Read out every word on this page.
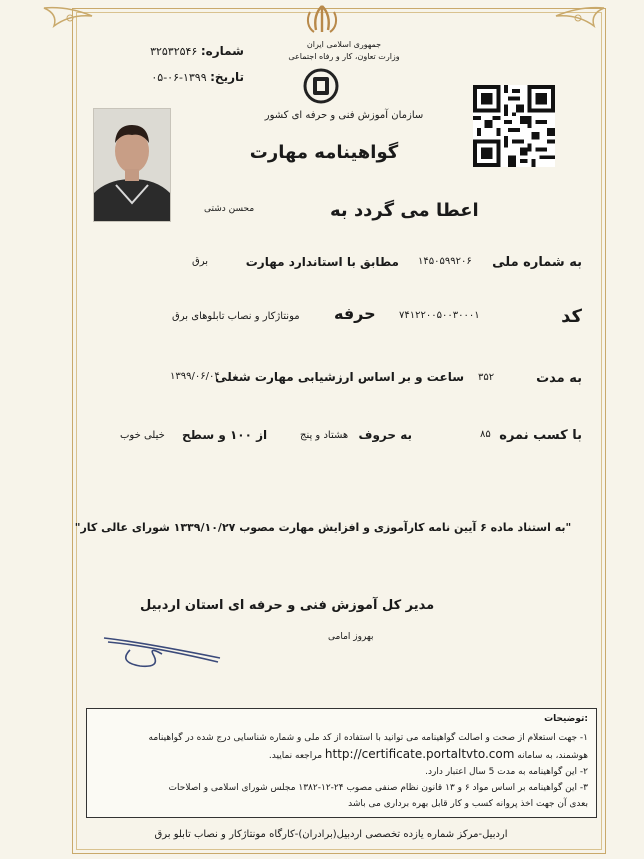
جمهوری اسلامی ایران
وزارت تعاون، کار و رفاه اجتماعی
شماره: ۳۲۵۳۲۵۴۶
تاریخ: ۱۳۹۹-۰۶-۰۵
سازمان آموزش فنی و حرفه ای کشور
گواهینامه مهارت
محسن دشتی	اعطا می گردد به
به شماره ملی
۱۴۵۰۵۹۹۲۰۶
مطابق با استاندارد مهارت
برق
کد
۷۴۱۲۲۰۰۵۰۰۳۰۰۰۱
حرفه
مونتاژکار و نصاب تابلوهای برق
به مدت
۳۵۲
ساعت و بر اساس ارزشیابی مهارت شغلی
۱۳۹۹/۰۶/۰۴
با کسب نمره
۸۵
به حروف
هشتاد و پنج
از ۱۰۰ و سطح
خیلی خوب
"به استناد ماده ۶ آیین نامه کارآموزی و افزایش مهارت مصوب ۱۳۳۹/۱۰/۲۷ شورای عالی کار"
مدیر کل آموزش فنی و حرفه ای استان اردبیل
بهروز امامی
توضیحات:
۱- جهت استعلام از صحت و اصالت گواهینامه می توانید با استفاده از کد ملی و شماره شناسایی درج شده در گواهینامه
هوشمند، به سامانه http://certificate.portaltvto.com مراجعه نمایید.
۲- این گواهینامه به مدت 5 سال اعتبار دارد.
۳- این گواهینامه بر اساس مواد ۶ و ۱۳ قانون نظام صنفی مصوب ۲۴-۱۲-۱۳۸۲ مجلس شورای اسلامی و اصلاحات
بعدی آن جهت اخذ پروانه کسب و کار قابل بهره برداری می باشد
اردبیل-مرکز شماره یازده تخصصی اردبیل(برادران)-کارگاه مونتاژکار و نصاب تابلو برق
